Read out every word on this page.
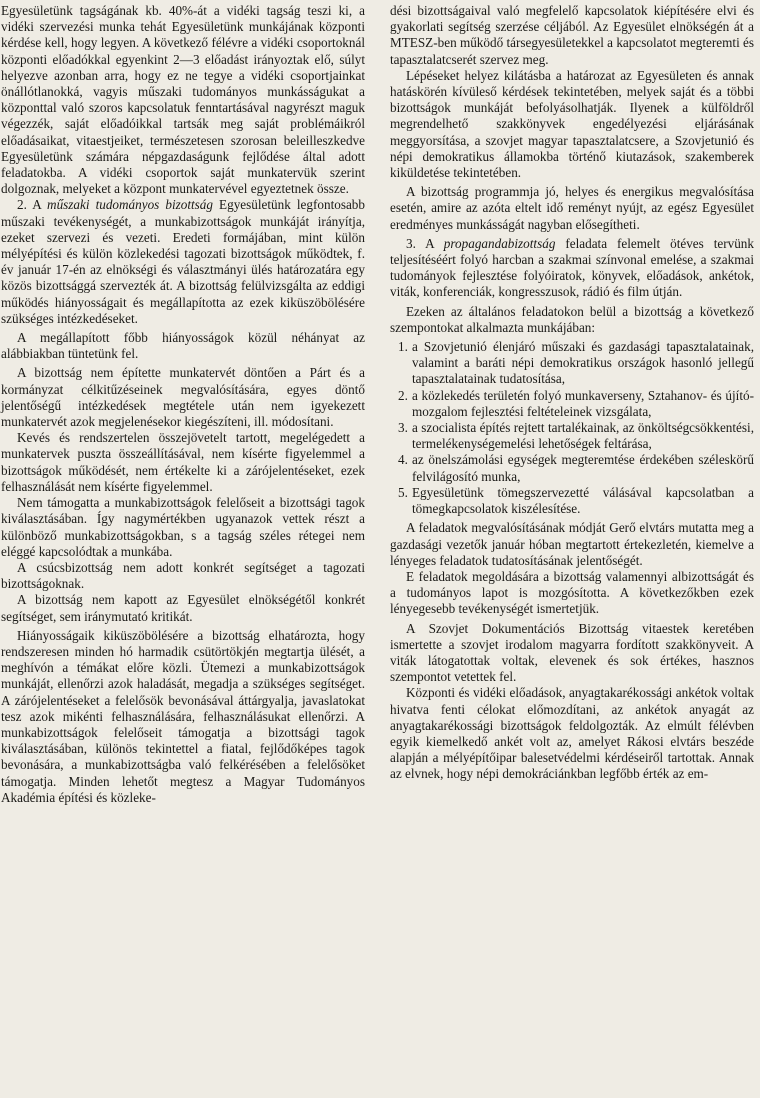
Egyesületünk tagságának kb. 40%-át a vidéki tagság teszi ki, a vidéki szervezési munka tehát Egyesületünk munkájának központi kérdése kell, hogy legyen. A következő félévre a vidéki csoportoknál központi előadókkal egyenkint 2—3 előadást irányoztak elő, súlyt helyezve azonban arra, hogy ez ne tegye a vidéki csoportjainkat önállótlanokká, vagyis műszaki tudományos munkásságukat a központtal való szoros kapcsolatuk fenntartásával nagyrészt maguk végezzék, saját előadóikkal tartsák meg saját problémáikról előadásaikat, vitaestjeiket, természetesen szorosan beleilleszkedve Egyesületünk számára népgazdaságunk fejlődése által adott feladatokba. A vidéki csoportok saját munkatervük szerint dolgoznak, melyeket a központ munkatervével egyeztetnek össze.

2. A műszaki tudományos bizottság Egyesületünk legfontosabb műszaki tevékenységét, a munkabizottságok munkáját irányítja, ezeket szervezi és vezeti. Eredeti formájában, mint külön mélyépítési és külön közlekedési tagozati bizottságok működtek, f. év január 17-én az elnökségi és választmányi ülés határozatára egy közös bizottsággá szervezték át. A bizottság felülvizsgálta az eddigi működés hiányosságait és megállapította az ezek kiküszöbölésére szükséges intézkedéseket.

A megállapított főbb hiányosságok közül néhányat az alábbiakban tüntetünk fel.

A bizottság nem építette munkatervét döntően a Párt és a kormányzat célkitűzéseinek megvalósítására, egyes döntő jelentőségű intézkedések megtétele után nem igyekezett munkatervét azok megjelenésekor kiegészíteni, ill. módosítani.

Kevés és rendszertelen összejövetelt tartott, megelégedett a munkatervek puszta összeállításával, nem kísérte figyelemmel a bizottságok működését, nem értékelte ki a zárójelentéseket, ezek felhasználását nem kísérte figyelemmel.

Nem támogatta a munkabizottságok felelőseit a bizottsági tagok kiválasztásában. Így nagymértékben ugyanazok vettek részt a különböző munkabizottságokban, s a tagság széles rétegei nem eléggé kapcsolódtak a munkába.

A csúcsbizottság nem adott konkrét segítséget a tagozati bizottságoknak.

A bizottság nem kapott az Egyesület elnökségétől konkrét segítséget, sem iránymutató kritikát.

Hiányosságaik kiküszöbölésére a bizottság elhatározta, hogy rendszeresen minden hó harmadik csütörtökjén megtartja ülését, a meghívón a témákat előre közli. Ütemezi a munkabizottságok munkáját, ellenőrzi azok haladását, megadja a szükséges segítséget. A zárójelentéseket a felelősök bevonásával áttárgyalja, javaslatokat tesz azok mikénti felhasználására, felhasználásukat ellenőrzi. A munkabizottságok felelőseit támogatja a bizottsági tagok kiválasztásában, különös tekintettel a fiatal, fejlődőképes tagok bevonására, a munkabizottságba való felkérésében a felelősöket támogatja. Minden lehetőt megtesz a Magyar Tudományos Akadémia építési és közleke-

dési bizottságaival való megfelelő kapcsolatok kiépítésére elvi és gyakorlati segítség szerzése céljából. Az Egyesület elnökségén át a MTESZ-ben működő társegyesületekkel a kapcsolatot megteremti és tapasztalatcserét szervez meg.

Lépéseket helyez kilátásba a határozat az Egyesületen és annak hatáskörén kívüleső kérdések tekintetében, melyek saját és a többi bizottságok munkáját befolyásolhatják. Ilyenek a külföldről megrendelhető szakkönyvek engedélyezési eljárásának meggyorsítása, a szovjet magyar tapasztalatcsere, a Szovjetunió és népi demokratikus államokba történő kiutazások, szakemberek kiküldetése tekintetében.

A bizottság programmja jó, helyes és energikus megvalósítása esetén, amire az azóta eltelt idő reményt nyújt, az egész Egyesület eredményes munkásságát nagyban elősegítheti.

3. A propagandabizottság feladata felemelt ötéves tervünk teljesítéséért folyó harcban a szakmai színvonal emelése, a szakmai tudományok fejlesztése folyóiratok, könyvek, előadások, ankétok, viták, konferenciák, kongresszusok, rádió és film útján.

Ezeken az általános feladatokon belül a bizottság a következő szempontokat alkalmazta munkájában:

1. a Szovjetunió élenjáró műszaki és gazdasági tapasztalatainak, valamint a baráti népi demokratikus országok hasonló jellegű tapasztalatainak tudatosítása,
2. a közlekedés területén folyó munkaverseny, Sztahanov- és újító-mozgalom fejlesztési feltételeinek vizsgálata,
3. a szocialista építés rejtett tartalékainak, az önköltségcsökkentési, termelékenységemelési lehetőségek feltárása,
4. az önelszámolási egységek megteremtése érdekében széleskörű felvilágosító munka,
5. Egyesületünk tömegszervezetté válásával kapcsolatban a tömegkapcsolatok kiszélesítése.

A feladatok megvalósításának módját Gerő elvtárs mutatta meg a gazdasági vezetők január hóban megtartott értekezletén, kiemelve a lényeges feladatok tudatosításának jelentőségét.

E feladatok megoldására a bizottság valamennyi albizottságát és a tudományos lapot is mozgósította. A következőkben ezek lényegesebb tevékenységét ismertetjük.

A Szovjet Dokumentációs Bizottság vitaestek keretében ismertette a szovjet irodalom magyarra fordított szakkönyveit. A viták látogatottak voltak, elevenek és sok értékes, hasznos szempontot vetettek fel.

Központi és vidéki előadások, anyagtakarékossági ankétok voltak hivatva fenti célokat előmozdítani, az ankétok anyagát az anyagtakarékossági bizottságok feldolgozták. Az elmúlt félévben egyik kiemelkedő ankét volt az, amelyet Rákosi elvtárs beszéde alapján a mélyépítőipar balesetvédelmi kérdéseiről tartottak. Annak az elvnek, hogy népi demokráciánkban legfőbb érték az em-
